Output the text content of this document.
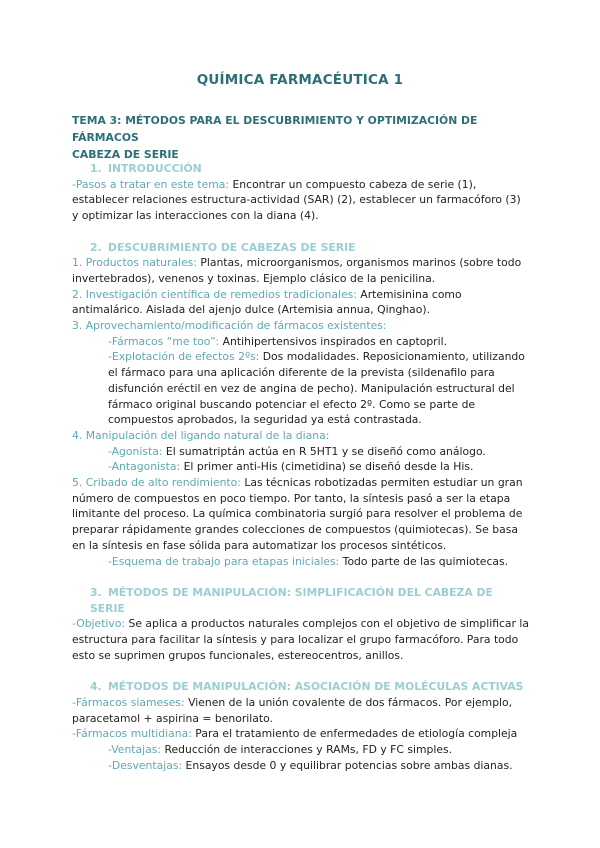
QUÍMICA FARMACÉUTICA 1
TEMA 3: MÉTODOS PARA EL DESCUBRIMIENTO Y OPTIMIZACIÓN DE FÁRMACOS
CABEZA DE SERIE

1. INTRODUCCIÓN

-Pasos a tratar en este tema: Encontrar un compuesto cabeza de serie (1), establecer relaciones estructura-actividad (SAR) (2), establecer un farmacóforo (3) y optimizar las interacciones con la diana (4).

2. DESCUBRIMIENTO DE CABEZAS DE SERIE

1. Productos naturales: Plantas, microorganismos, organismos marinos (sobre todo invertebrados), venenos y toxinas. Ejemplo clásico de la penicilina.

2. Investigación científica de remedios tradicionales: Artemisinina como antimalárico. Aislada del ajenjo dulce (Artemisia annua, Qinghao).

3. Aprovechamiento/modificación de fármacos existentes:

-Fármacos “me too”: Antihipertensivos inspirados en captopril.

-Explotación de efectos 2ºs: Dos modalidades. Reposicionamiento, utilizando el fármaco para una aplicación diferente de la prevista (sildenafilo para disfunción eréctil en vez de angina de pecho). Manipulación estructural del fármaco original buscando potenciar el efecto 2º. Como se parte de compuestos aprobados, la seguridad ya está contrastada.

4. Manipulación del ligando natural de la diana:

-Agonista: El sumatriptán actúa en R 5HT1 y se diseñó como análogo.

-Antagonista: El primer anti-His (cimetidina) se diseñó desde la His.

5. Cribado de alto rendimiento: Las técnicas robotizadas permiten estudiar un gran número de compuestos en poco tiempo. Por tanto, la síntesis pasó a ser la etapa limitante del proceso. La química combinatoria surgió para resolver el problema de preparar rápidamente grandes colecciones de compuestos (quimiotecas). Se basa en la síntesis en fase sólida para automatizar los procesos sintéticos.

-Esquema de trabajo para etapas iniciales: Todo parte de las quimiotecas.

3. MÉTODOS DE MANIPULACIÓN: SIMPLIFICACIÓN DEL CABEZA DE SERIE

-Objetivo: Se aplica a productos naturales complejos con el objetivo de simplificar la estructura para facilitar la síntesis y para localizar el grupo farmacóforo. Para todo esto se suprimen grupos funcionales, estereocentros, anillos.

4. MÉTODOS DE MANIPULACIÓN: ASOCIACIÓN DE MOLÉCULAS ACTIVAS

-Fármacos siameses: Vienen de la unión covalente de dos fármacos. Por ejemplo, paracetamol + aspirina = benorilato.

-Fármacos multidiana: Para el tratamiento de enfermedades de etiología compleja

-Ventajas: Reducción de interacciones y RAMs, FD y FC simples.

-Desventajas: Ensayos desde 0 y equilibrar potencias sobre ambas dianas.
